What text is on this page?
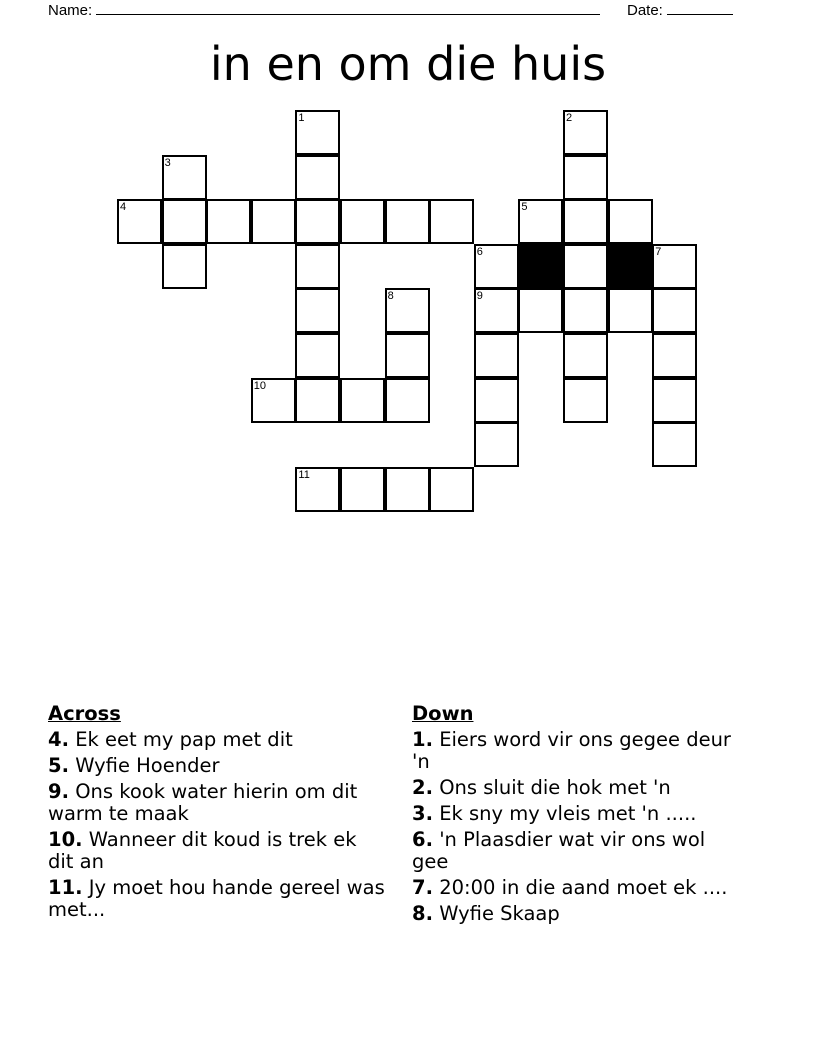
Name:	Date:
in en om die huis
1	2
3
4	5
6	7
9
8
10
11
Across
4. Ek eet my pap met dit
5. Wyfie Hoender
9. Ons kook water hierin om dit warm te maak
10. Wanneer dit koud is trek ek dit an
11. Jy moet hou hande gereel was met...
Down
1. Eiers word vir ons gegee deur 'n
2. Ons sluit die hok met 'n
3. Ek sny my vleis met 'n .....
6. 'n Plaasdier wat vir ons wol gee
7. 20:00 in die aand moet ek ....
8. Wyfie Skaap
